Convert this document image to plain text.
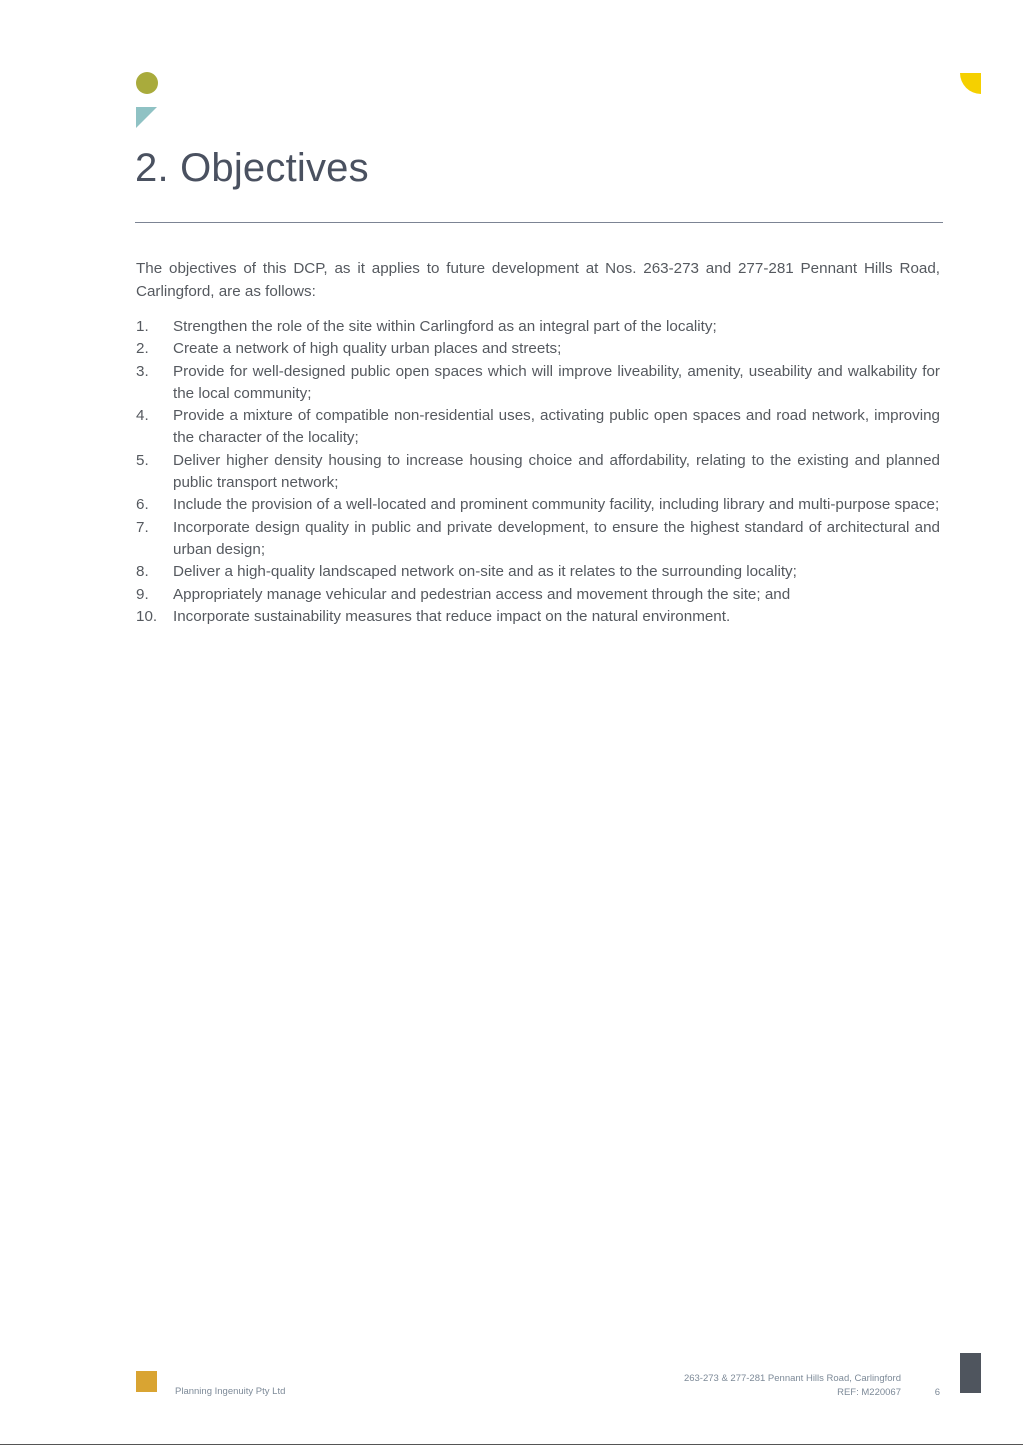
2. Objectives

The objectives of this DCP, as it applies to future development at Nos. 263-273 and 277-281 Pennant Hills Road, Carlingford, are as follows:

1. Strengthen the role of the site within Carlingford as an integral part of the locality;
2. Create a network of high quality urban places and streets;
3. Provide for well-designed public open spaces which will improve liveability, amenity, useability and walkability for the local community;
4. Provide a mixture of compatible non-residential uses, activating public open spaces and road network, improving the character of the locality;
5. Deliver higher density housing to increase housing choice and affordability, relating to the existing and planned public transport network;
6. Include the provision of a well-located and prominent community facility, including library and multi-purpose space;
7. Incorporate design quality in public and private development, to ensure the highest standard of architectural and urban design;
8. Deliver a high-quality landscaped network on-site and as it relates to the surrounding locality;
9. Appropriately manage vehicular and pedestrian access and movement through the site; and
10. Incorporate sustainability measures that reduce impact on the natural environment.
Planning Ingenuity Pty Ltd
263-273 & 277-281 Pennant Hills Road, Carlingford
REF: M220067	6
